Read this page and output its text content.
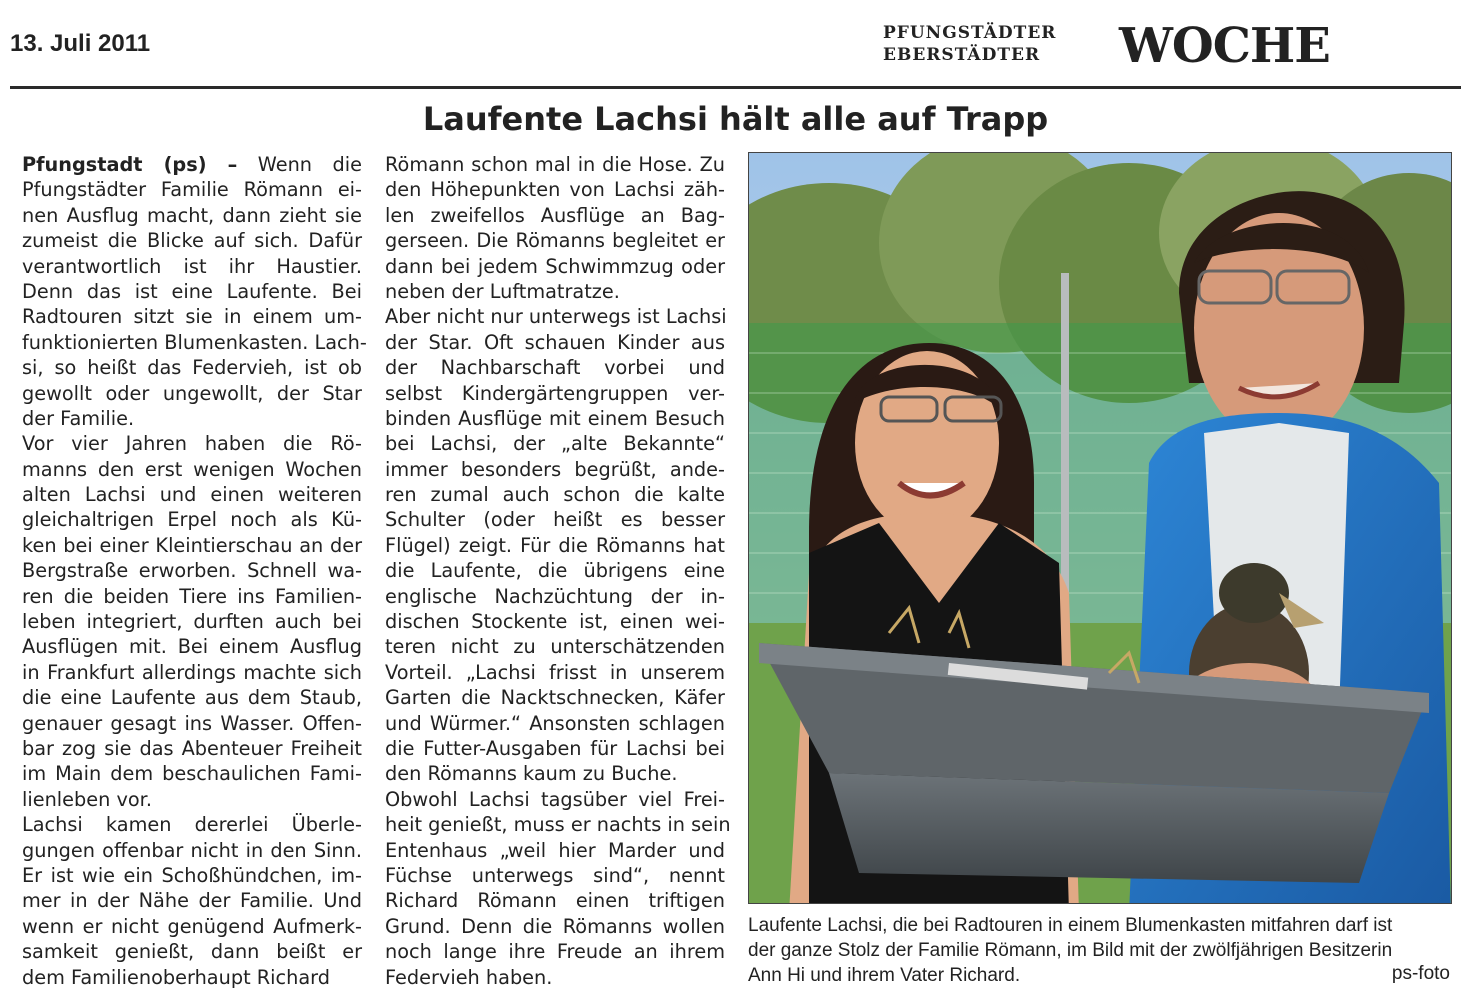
13. Juli 2011	PFUNGSTÄDTER
EBERSTÄDTER WOCHE
Laufente Lachsi hält alle auf Trapp
Pfungstadt (ps) – Wenn die
Pfungstädter Familie Römann ei-
nen Ausflug macht, dann zieht sie
zumeist die Blicke auf sich. Dafür
verantwortlich ist ihr Haustier.
Denn das ist eine Laufente. Bei
Radtouren sitzt sie in einem um-
funktionierten Blumenkasten. Lach-
si, so heißt das Federvieh, ist ob
gewollt oder ungewollt, der Star
der Familie.
Vor vier Jahren haben die Rö-
manns den erst wenigen Wochen
alten Lachsi und einen weiteren
gleichaltrigen Erpel noch als Kü-
ken bei einer Kleintierschau an der
Bergstraße erworben. Schnell wa-
ren die beiden Tiere ins Familien-
leben integriert, durften auch bei
Ausflügen mit. Bei einem Ausflug
in Frankfurt allerdings machte sich
die eine Laufente aus dem Staub,
genauer gesagt ins Wasser. Offen-
bar zog sie das Abenteuer Freiheit
im Main dem beschaulichen Fami-
lienleben vor.
Lachsi kamen dererlei Überle-
gungen offenbar nicht in den Sinn.
Er ist wie ein Schoßhündchen, im-
mer in der Nähe der Familie. Und
wenn er nicht genügend Aufmerk-
samkeit genießt, dann beißt er
dem Familienoberhaupt Richard
Römann schon mal in die Hose. Zu
den Höhepunkten von Lachsi zäh-
len zweifellos Ausflüge an Bag-
gerseen. Die Römanns begleitet er
dann bei jedem Schwimmzug oder
neben der Luftmatratze.
Aber nicht nur unterwegs ist Lachsi
der Star. Oft schauen Kinder aus
der Nachbarschaft vorbei und
selbst Kindergärtengruppen ver-
binden Ausflüge mit einem Besuch
bei Lachsi, der „alte Bekannte“
immer besonders begrüßt, ande-
ren zumal auch schon die kalte
Schulter (oder heißt es besser
Flügel) zeigt. Für die Römanns hat
die Laufente, die übrigens eine
englische Nachzüchtung der in-
dischen Stockente ist, einen wei-
teren nicht zu unterschätzenden
Vorteil. „Lachsi frisst in unserem
Garten die Nacktschnecken, Käfer
und Würmer.“ Ansonsten schlagen
die Futter-Ausgaben für Lachsi bei
den Römanns kaum zu Buche.
Obwohl Lachsi tagsüber viel Frei-
heit genießt, muss er nachts in sein
Entenhaus „weil hier Marder und
Füchse unterwegs sind“, nennt
Richard Römann einen triftigen
Grund. Denn die Römanns wollen
noch lange ihre Freude an ihrem
Federvieh haben.
Laufente Lachsi, die bei Radtouren in einem Blumenkasten mitfahren darf ist
der ganze Stolz der Familie Römann, im Bild mit der zwölfjährigen Besitzerin
Ann Hi und ihrem Vater Richard.	ps-foto
